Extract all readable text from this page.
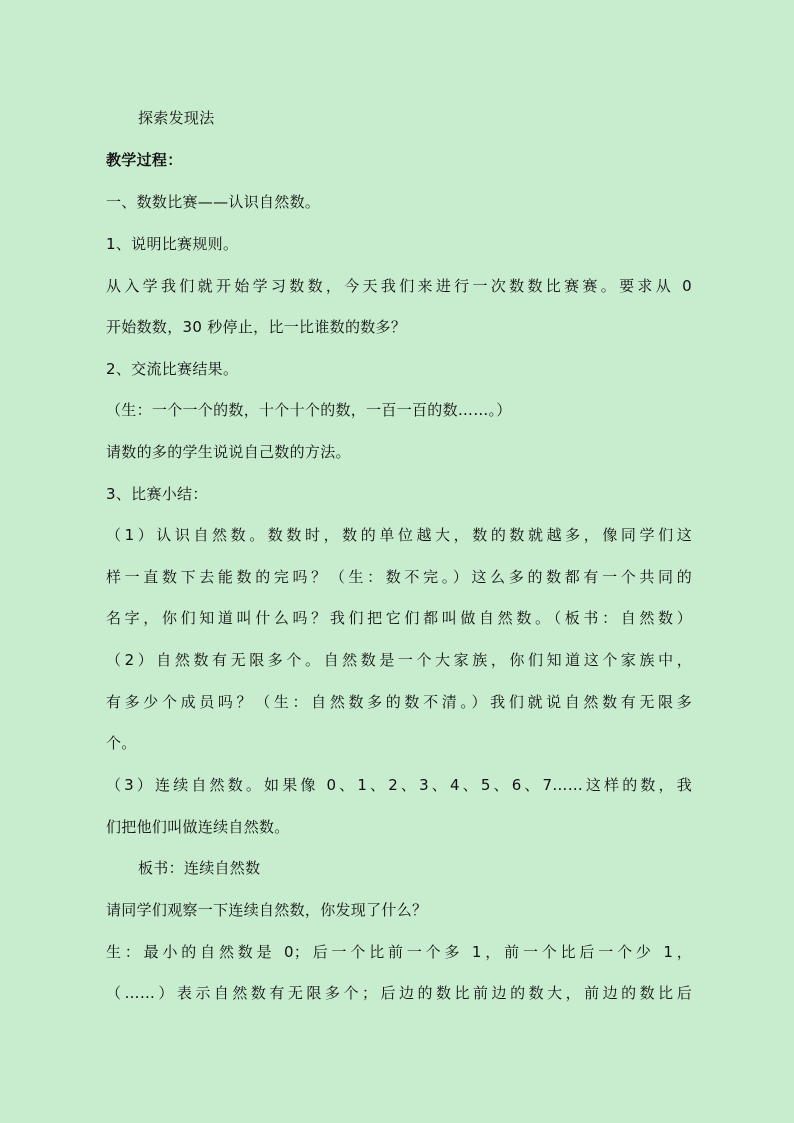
探索发现法
教学过程：
一、数数比赛——认识自然数。
1、说明比赛规则。
从入学我们就开始学习数数，今天我们来进行一次数数比赛赛。要求从 0
开始数数，30 秒停止，比一比谁数的数多？
2、交流比赛结果。
（生：一个一个的数，十个十个的数，一百一百的数……。）
请数的多的学生说说自己数的方法。
3、比赛小结：
（1）认识自然数。数数时，数的单位越大，数的数就越多，像同学们这
样一直数下去能数的完吗？（生：数不完。）这么多的数都有一个共同的
名字，你们知道叫什么吗？我们把它们都叫做自然数。（板书：自然数）
（2）自然数有无限多个。自然数是一个大家族，你们知道这个家族中，
有多少个成员吗？（生：自然数多的数不清。）我们就说自然数有无限多
个。
（3）连续自然数。如果像 0、1、2、3、4、5、6、7……这样的数，我
们把他们叫做连续自然数。
板书：连续自然数
请同学们观察一下连续自然数，你发现了什么？
生：最小的自然数是 0；后一个比前一个多 1，前一个比后一个少 1，
（……）表示自然数有无限多个；后边的数比前边的数大，前边的数比后
